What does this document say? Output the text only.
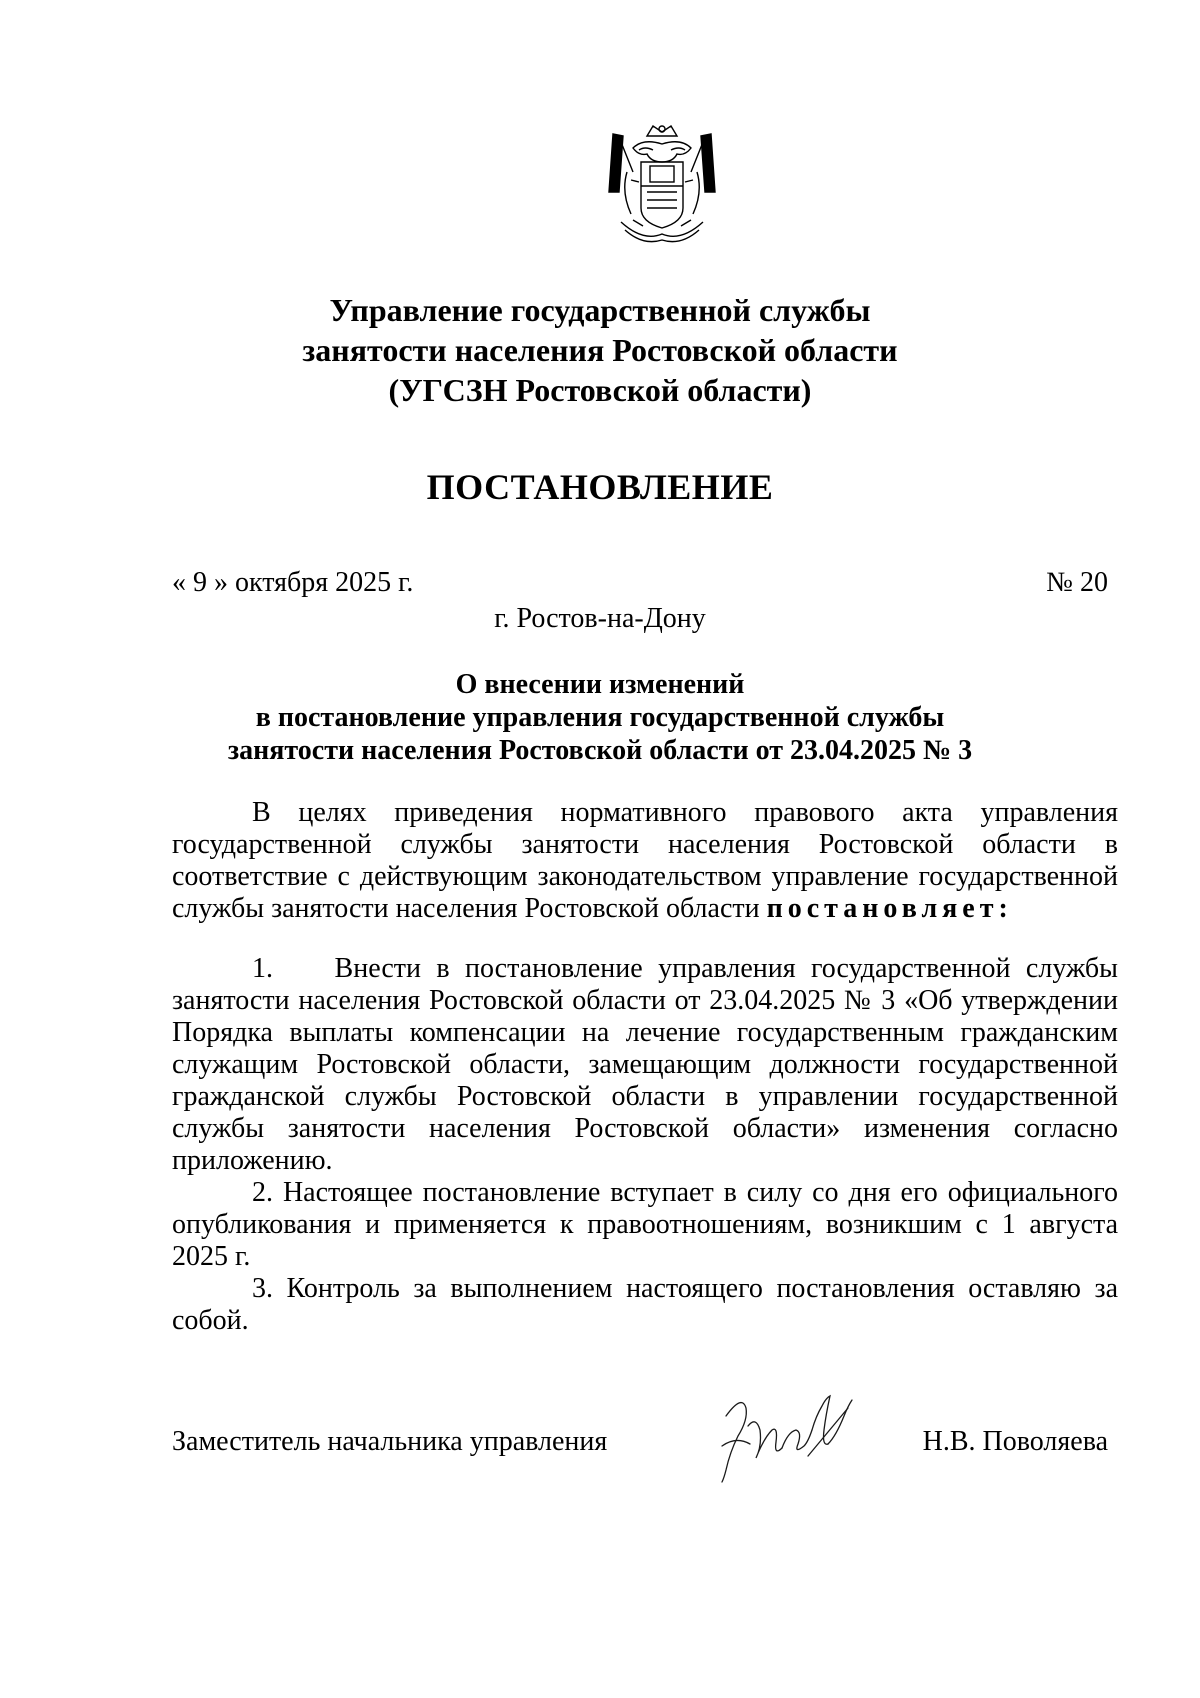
Управление государственной службы
занятости населения Ростовской области
(УГСЗН Ростовской области)
ПОСТАНОВЛЕНИЕ
« 9 » октября 2025 г.	№ 20
г. Ростов-на-Дону
О внесении изменений
в постановление управления государственной службы
занятости населения Ростовской области от 23.04.2025 № 3

В целях приведения нормативного правового акта управления государственной службы занятости населения Ростовской области в соответствие с действующим законодательством управление государственной службы занятости населения Ростовской области постановляет:

1.    Внести в постановление управления государственной службы занятости населения Ростовской области от 23.04.2025 № 3 «Об утверждении Порядка выплаты компенсации на лечение государственным гражданским служащим Ростовской области, замещающим должности государственной гражданской службы Ростовской области в управлении государственной службы занятости населения Ростовской области» изменения согласно приложению.

2. Настоящее постановление вступает в силу со дня его официального опубликования и применяется к правоотношениям, возникшим с 1 августа 2025 г.

3. Контроль за выполнением настоящего постановления оставляю за собой.

Заместитель начальника управления	Н.В. Поволяева
